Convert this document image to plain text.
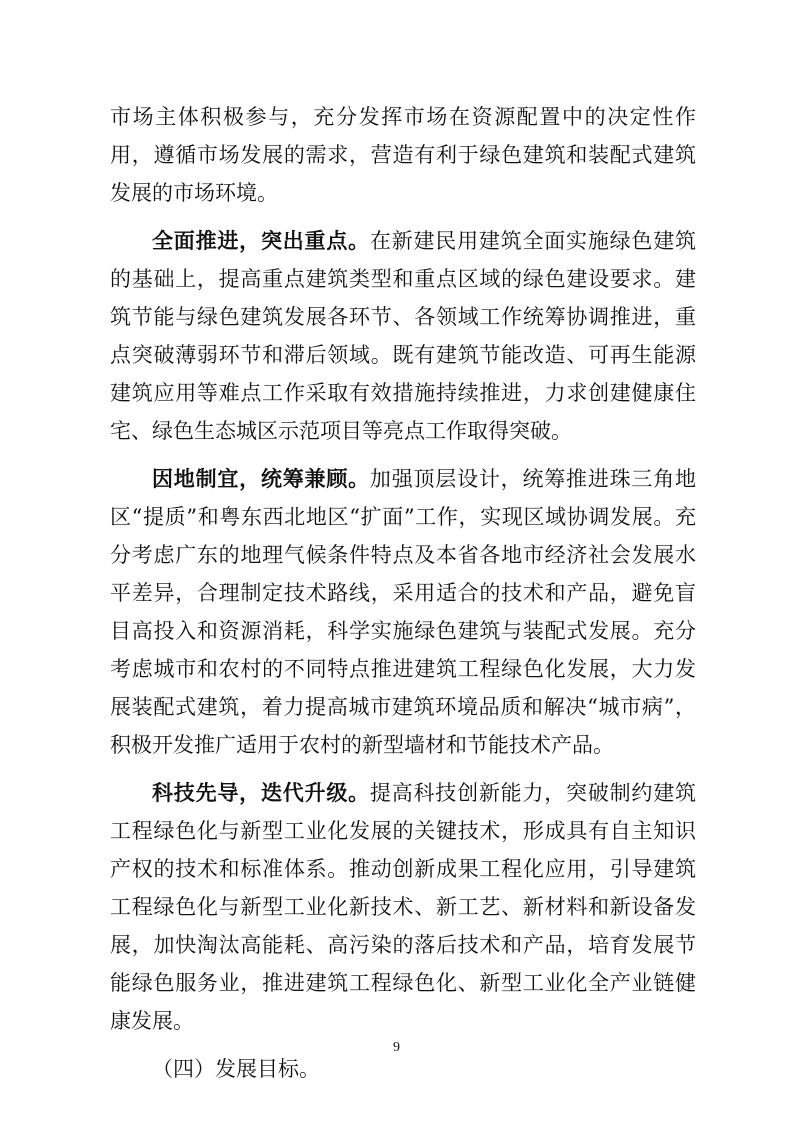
市场主体积极参与，充分发挥市场在资源配置中的决定性作用，遵循市场发展的需求，营造有利于绿色建筑和装配式建筑发展的市场环境。

全面推进，突出重点。在新建民用建筑全面实施绿色建筑的基础上，提高重点建筑类型和重点区域的绿色建设要求。建筑节能与绿色建筑发展各环节、各领域工作统筹协调推进，重点突破薄弱环节和滞后领域。既有建筑节能改造、可再生能源建筑应用等难点工作采取有效措施持续推进，力求创建健康住宅、绿色生态城区示范项目等亮点工作取得突破。

因地制宜，统筹兼顾。加强顶层设计，统筹推进珠三角地区“提质”和粤东西北地区“扩面”工作，实现区域协调发展。充分考虑广东的地理气候条件特点及本省各地市经济社会发展水平差异，合理制定技术路线，采用适合的技术和产品，避免盲目高投入和资源消耗，科学实施绿色建筑与装配式发展。充分考虑城市和农村的不同特点推进建筑工程绿色化发展，大力发展装配式建筑，着力提高城市建筑环境品质和解决“城市病”，积极开发推广适用于农村的新型墙材和节能技术产品。

科技先导，迭代升级。提高科技创新能力，突破制约建筑工程绿色化与新型工业化发展的关键技术，形成具有自主知识产权的技术和标准体系。推动创新成果工程化应用，引导建筑工程绿色化与新型工业化新技术、新工艺、新材料和新设备发展，加快淘汰高能耗、高污染的落后技术和产品，培育发展节能绿色服务业，推进建筑工程绿色化、新型工业化全产业链健康发展。

（四）发展目标。

9
